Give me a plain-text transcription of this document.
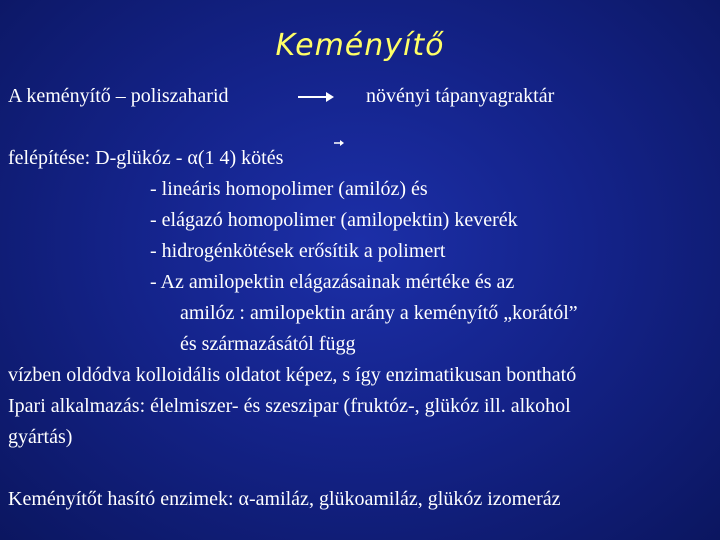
Keményítő
A keményítő – poliszaharid	növényi tápanyagraktár
felépítése: D-glükóz - α(1 4) kötés
- lineáris homopolimer (amilóz) és
- elágazó homopolimer (amilopektin) keverék
- hidrogénkötések erősítik a polimert
- Az amilopektin elágazásainak mértéke és az
amilóz : amilopektin arány a keményítő „korától”
és származásától függ
vízben oldódva kolloidális oldatot képez, s így enzimatikusan bontható
Ipari alkalmazás: élelmiszer- és szeszipar (fruktóz-, glükóz ill. alkohol
gyártás)
Keményítőt hasító enzimek: α-amiláz, glükoamiláz, glükóz izomeráz
